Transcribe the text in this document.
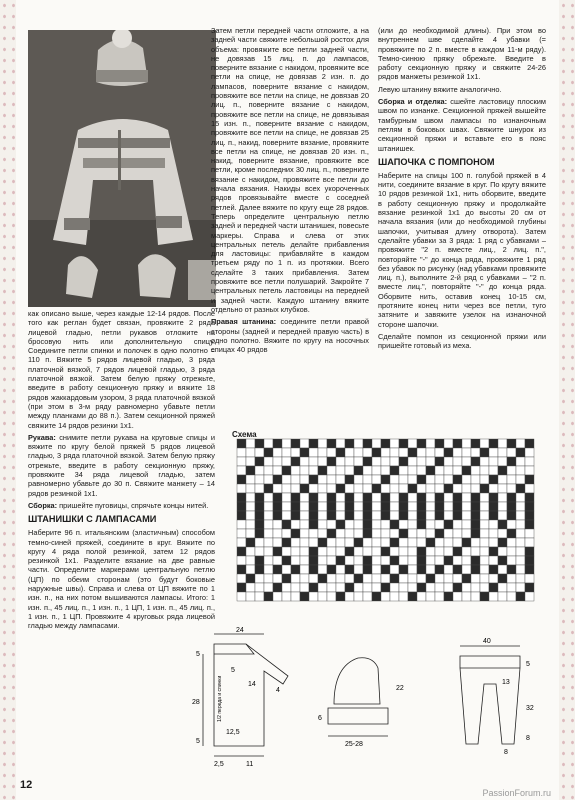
как описано выше, через каждые 12-14 рядов. После того как реглан будет связан, провяжите 2 ряда лицевой гладью, петли рукавов отложите на бросовую нить или дополнительную спицу. Соедините петли спинки и полочек в одно полотно = 110 п. Вяжите 5 рядов лицевой гладью, 3 ряда платочной вязкой, 7 рядов лицевой гладью, 3 ряда платочной вязкой. Затем белую пряжу отрежьте, введите в работу секционную пряжу и вяжите 18 рядов жаккардовым узором, 3 ряда платочной вязкой (при этом в 3-м ряду равномерно убавьте петли между планками до 88 п.). Затем секционной пряжей свяжите 14 рядов резинки 1x1.

Рукава: снимите петли рукава на круговые спицы и вяжите по кругу белой пряжей 5 рядов лицевой гладью, 3 ряда платочной вязкой. Затем белую пряжу отрежьте, введите в работу секционную пряжу, провяжите 34 ряда лицевой гладью, затем равномерно убавьте до 30 п. Свяжите манжету – 14 рядов резинкой 1x1.

Сборка: пришейте пуговицы, спрячьте концы нитей.

ШТАНИШКИ С ЛАМПАСАМИ

Наберите 96 п. итальянским (эластичным) способом темно-синей пряжей, соедините в круг. Вяжите по кругу 4 ряда полой резинкой, затем 12 рядов резинкой 1x1. Разделите вязание на две равные части. Определите маркерами центральную петлю (ЦП) по обеим сторонам (это будут боковые наружные швы). Справа и слева от ЦП вяжите по 1 изн. п., на них потом вышиваются лампасы. Итого: 1 изн. п., 45 лиц. п., 1 изн. п., 1 ЦП, 1 изн. п., 45 лиц. п., 1 изн. п., 1 ЦП. Провяжите 4 круговых ряда лицевой гладью между лампасами.

Затем петли передней части отложите, а на задней части свяжите небольшой ростох для объема: провяжите все петли задней части, не довязав 15 лиц. п. до лампасов, поверните вязание с накидом, провяжите все петли на спице, не довязав 2 изн. п. до лампасов, поверните вязание с накидом, провяжите все петли на спице, не довязав 20 лиц. п., поверните вязание с накидом, провяжите все петли на спице, не довязывая 15 изн. п., поверните вязание с накидом, провяжите все петли на спице, не довязав 25 лиц. п., накид, поверните вязание, провяжите все петли на спице, не довязав 20 изн. п., накид, поверните вязание, провяжите все петли, кроме последних 30 лиц. п., поверните вязание с накидом, провяжите все петли до начала вязания. Накиды всех укороченных рядов провязывайте вместе с соседней петлей. Далее вяжите по кругу еще 28 рядов. Теперь определите центральную петлю задней и передней части штанишек, повесьте маркеры. Справа и слева от этих центральных петель делайте прибавления для ластовицы: прибавляйте в каждом третьем ряду по 1 п. из протяжки. Всего сделайте 3 таких прибавления. Затем провяжите все петли полушарий. Закройте 7 центральных петель ластовицы на передней и задней части. Каждую штанину вяжите отдельно от разных клубков.

Правая штанина: соедините петли правой стороны (задней и передней правую часть) в одно полотно. Вяжите по кругу на носочных спицах 40 рядов

(или до необходимой длины). При этом во внутреннем шве сделайте 4 убавки (= провяжите по 2 п. вместе в каждом 11-м ряду). Темно-синюю пряжу обрежьте. Введите в работу секционную пряжу и свяжите 24-26 рядов манжеты резинкой 1x1.

Левую штанину вяжите аналогично.

Сборка и отделка: сшейте ластовицу плоским швом по изнанке. Секционной пряжей вышейте тамбурным швом лампасы по изнаночным петлям в боковых швах. Свяжите шнурок из секционной пряжи и вставьте его в пояс штанишек.

ШАПОЧКА С ПОМПОНОМ

Наберите на спицы 100 п. голубой пряжей в 4 нити, соедините вязание в круг. По кругу вяжите 10 рядов резинкой 1x1, нить оборвите, введите в работу секционную пряжу и продолжайте вязание резинкой 1x1 до высоты 20 см от начала вязания (или до необходимой глубины шапочки, учитывая длину отворота). Затем сделайте убавки за 3 ряда: 1 ряд с убавками – провяжите "2 п. вместе лиц., 2 лиц. п.", повторяйте "-" до конца ряда, провяжите 1 ряд без убавок по рисунку (над убавками провяжите лиц. п.), выполните 2-й ряд с убавками – "2 п. вместе лиц.", повторяйте "-" до конца ряда. Оборвите нить, оставив конец 10-15 см, протяните конец нити через все петли, туго затяните и завяжите узелок на изнаночной стороне шапочки.

Сделайте помпон из секционной пряжи или пришейте готовый из меха.

Схема
24
5
5
14
28
4
12,5
5
2,5	11
1/2 переда и спинки	22
6
25-28
40
5
13
32
8
8
12
PassionForum.ru
